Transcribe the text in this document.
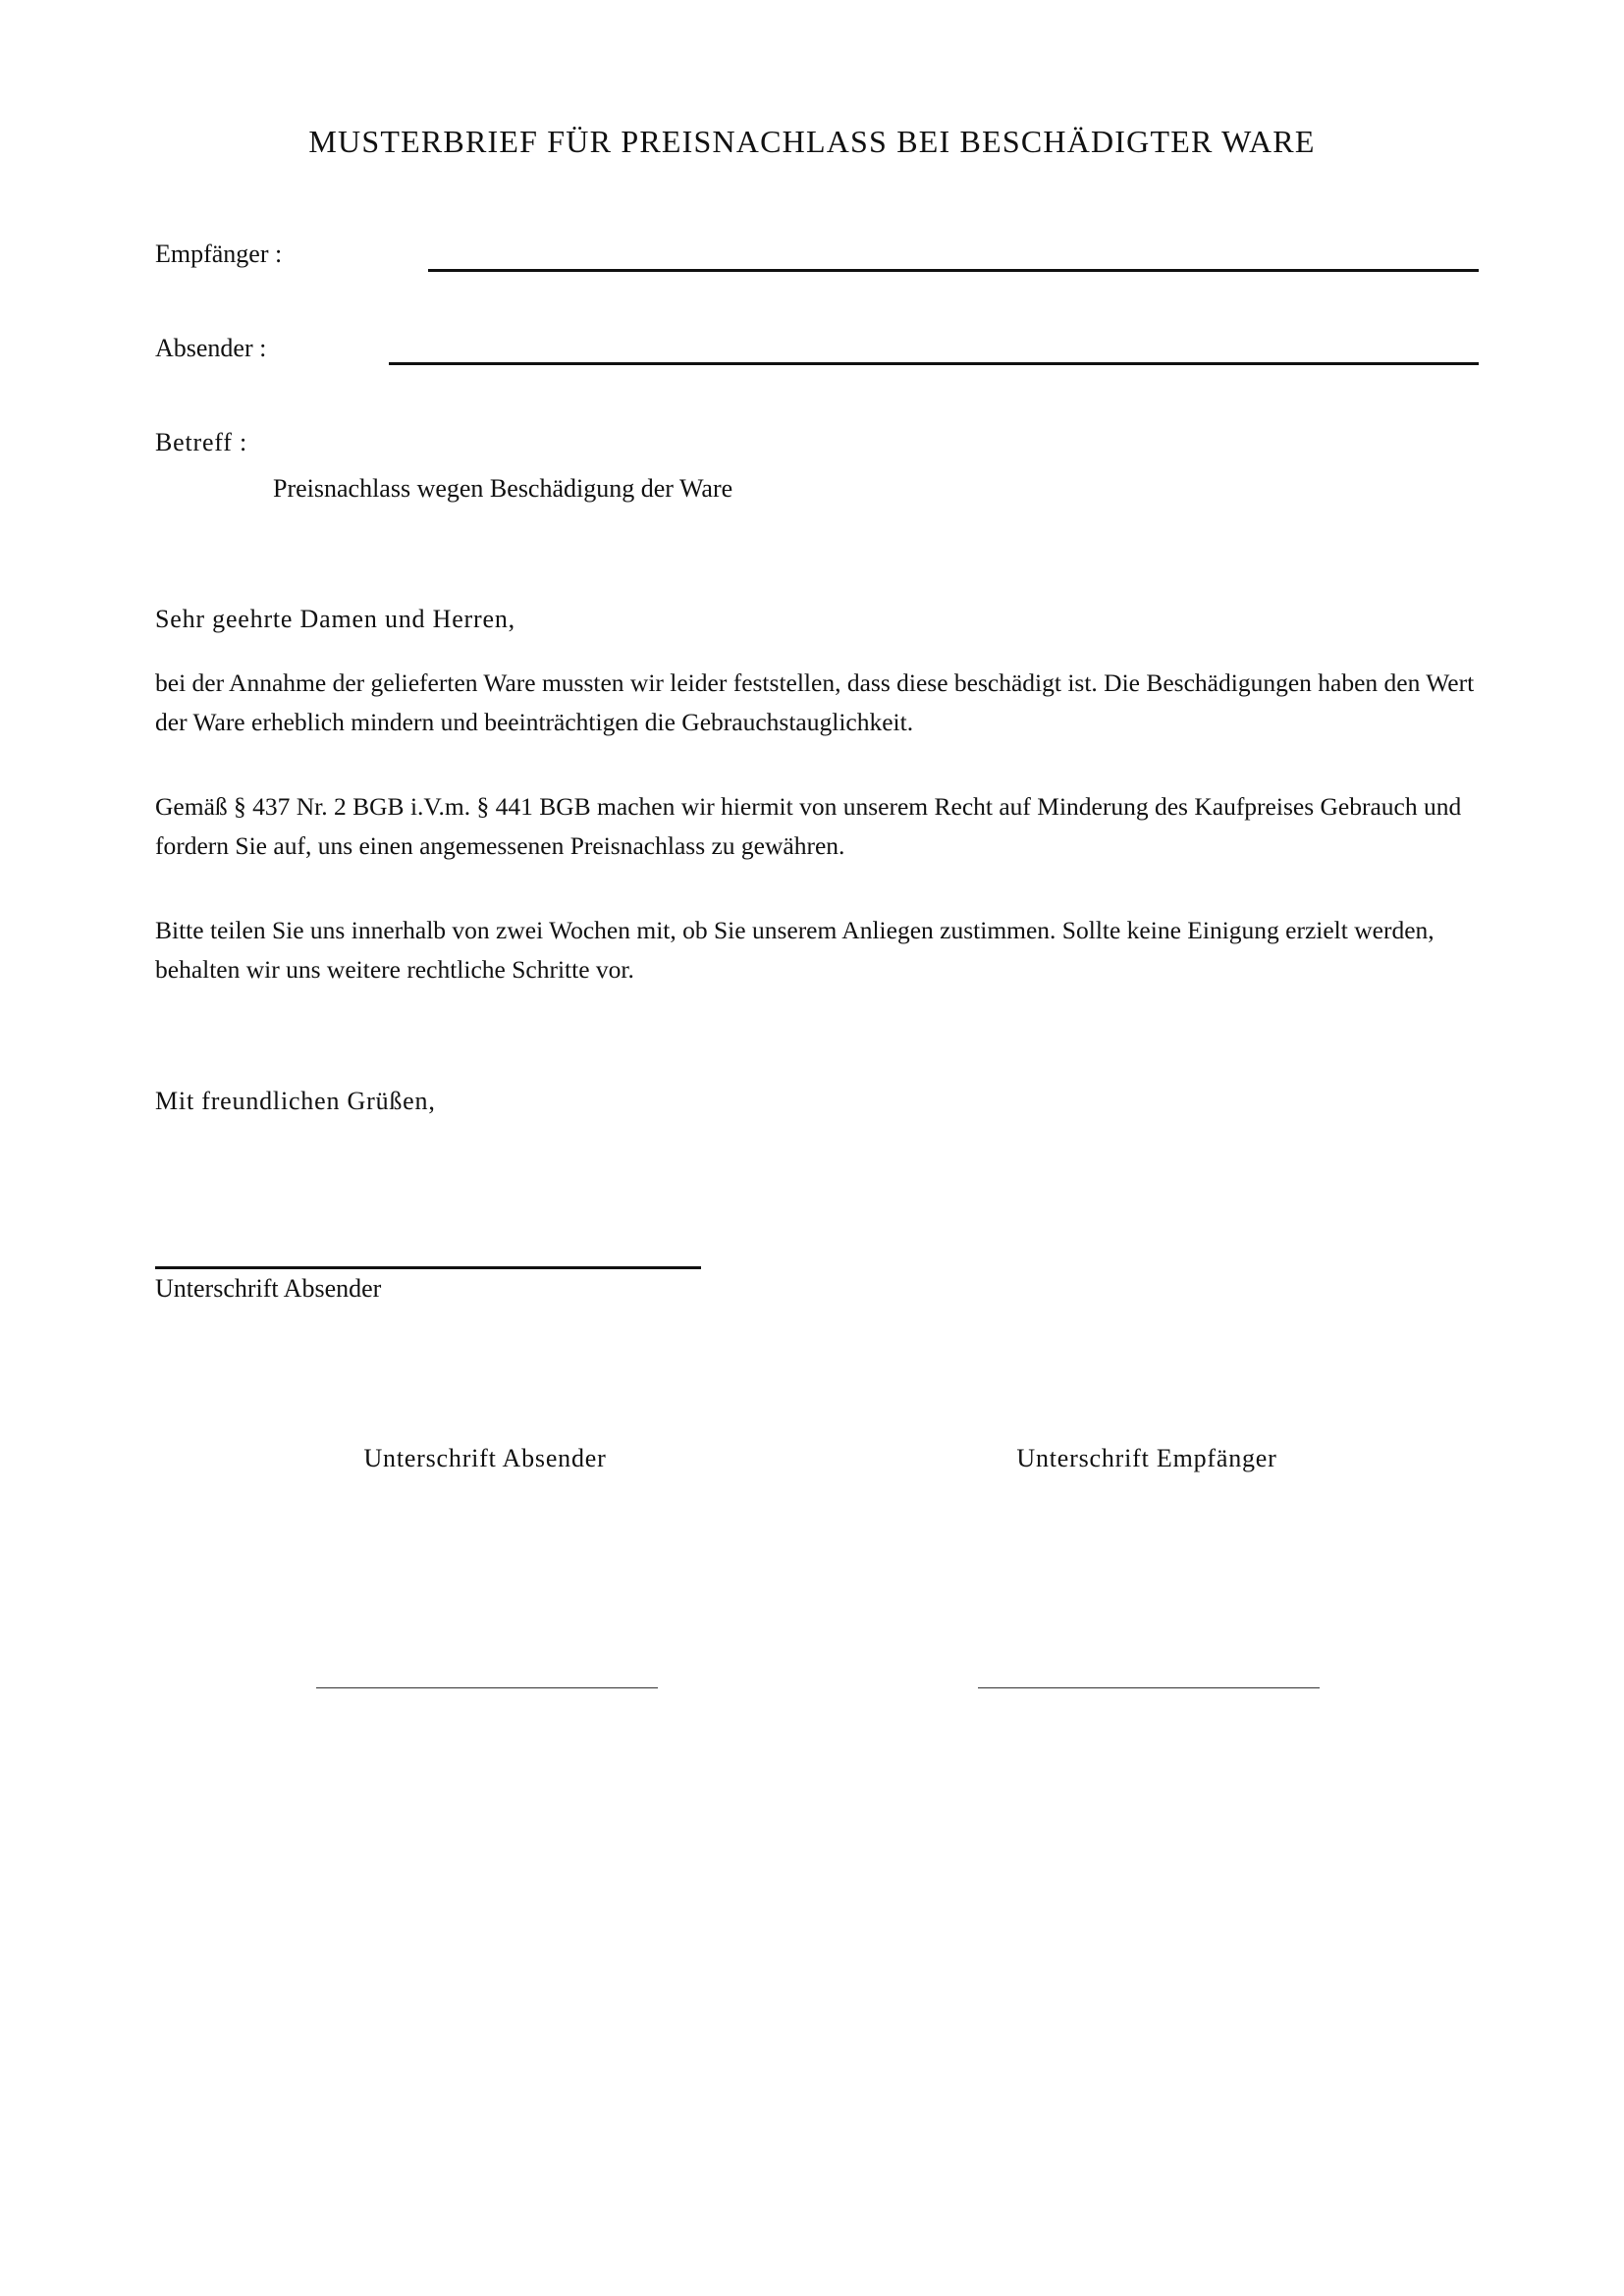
MUSTERBRIEF FÜR PREISNACHLASS BEI BESCHÄDIGTER WARE
Empfänger :
Absender :
Betreff :
Preisnachlass wegen Beschädigung der Ware
Sehr geehrte Damen und Herren,
bei der Annahme der gelieferten Ware mussten wir leider feststellen, dass diese beschädigt ist. Die Beschädigungen haben den Wert der Ware erheblich mindern und beeinträchtigen die Gebrauchstauglichkeit.
Gemäß § 437 Nr. 2 BGB i.V.m. § 441 BGB machen wir hiermit von unserem Recht auf Minderung des Kaufpreises Gebrauch und fordern Sie auf, uns einen angemessenen Preisnachlass zu gewähren.
Bitte teilen Sie uns innerhalb von zwei Wochen mit, ob Sie unserem Anliegen zustimmen. Sollte keine Einigung erzielt werden, behalten wir uns weitere rechtliche Schritte vor.
Mit freundlichen Grüßen,
Unterschrift Absender
Unterschrift Absender	Unterschrift Empfänger
